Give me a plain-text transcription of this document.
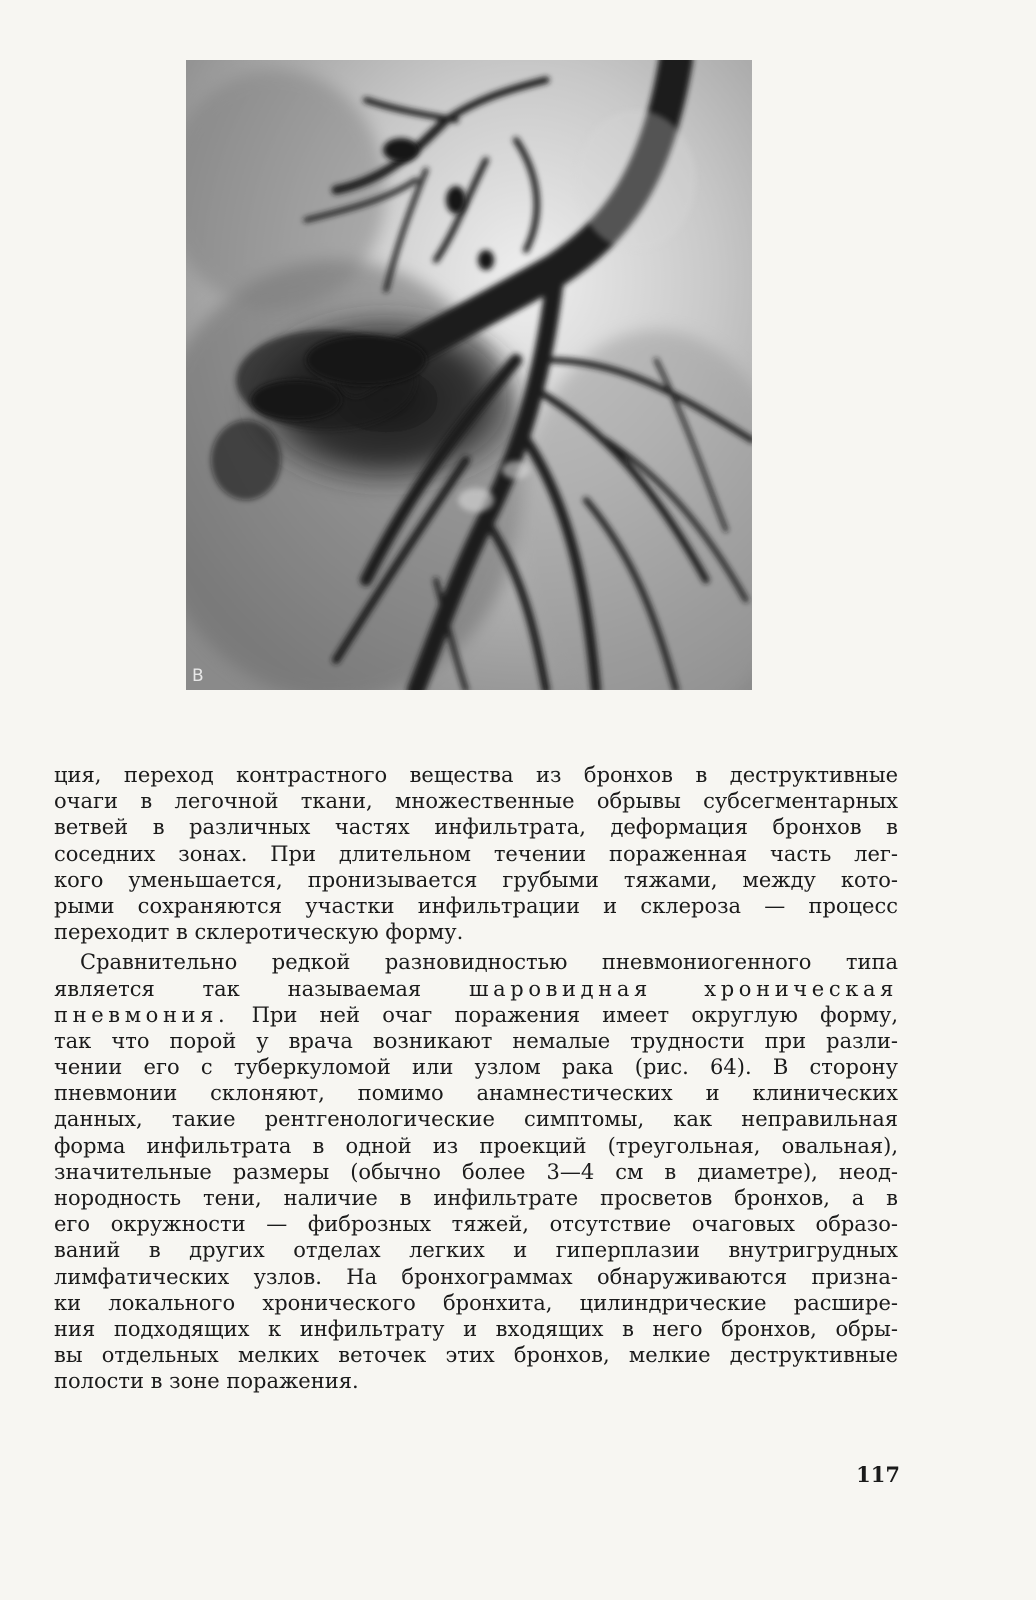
В
ция, переход контрастного вещества из бронхов в деструктивные
очаги в легочной ткани, множественные обрывы субсегментарных
ветвей в различных частях инфильтрата, деформация бронхов в
соседних зонах. При длительном течении пораженная часть лег-
кого уменьшается, пронизывается грубыми тяжами, между кото-
рыми сохраняются участки инфильтрации и склероза — процесс
переходит в склеротическую форму.
Сравнительно редкой разновидностью пневмониогенного типа
является так называемая шаровидная хроническая
пневмония. При ней очаг поражения имеет округлую форму,
так что порой у врача возникают немалые трудности при разли-
чении его с туберкуломой или узлом рака (рис. 64). В сторону
пневмонии склоняют, помимо анамнестических и клинических
данных, такие рентгенологические симптомы, как неправильная
форма инфильтрата в одной из проекций (треугольная, овальная),
значительные размеры (обычно более 3—4 см в диаметре), неод-
нородность тени, наличие в инфильтрате просветов бронхов, а в
его окружности — фиброзных тяжей, отсутствие очаговых образо-
ваний в других отделах легких и гиперплазии внутригрудных
лимфатических узлов. На бронхограммах обнаруживаются призна-
ки локального хронического бронхита, цилиндрические расшире-
ния подходящих к инфильтрату и входящих в него бронхов, обры-
вы отдельных мелких веточек этих бронхов, мелкие деструктивные
полости в зоне поражения.
117
